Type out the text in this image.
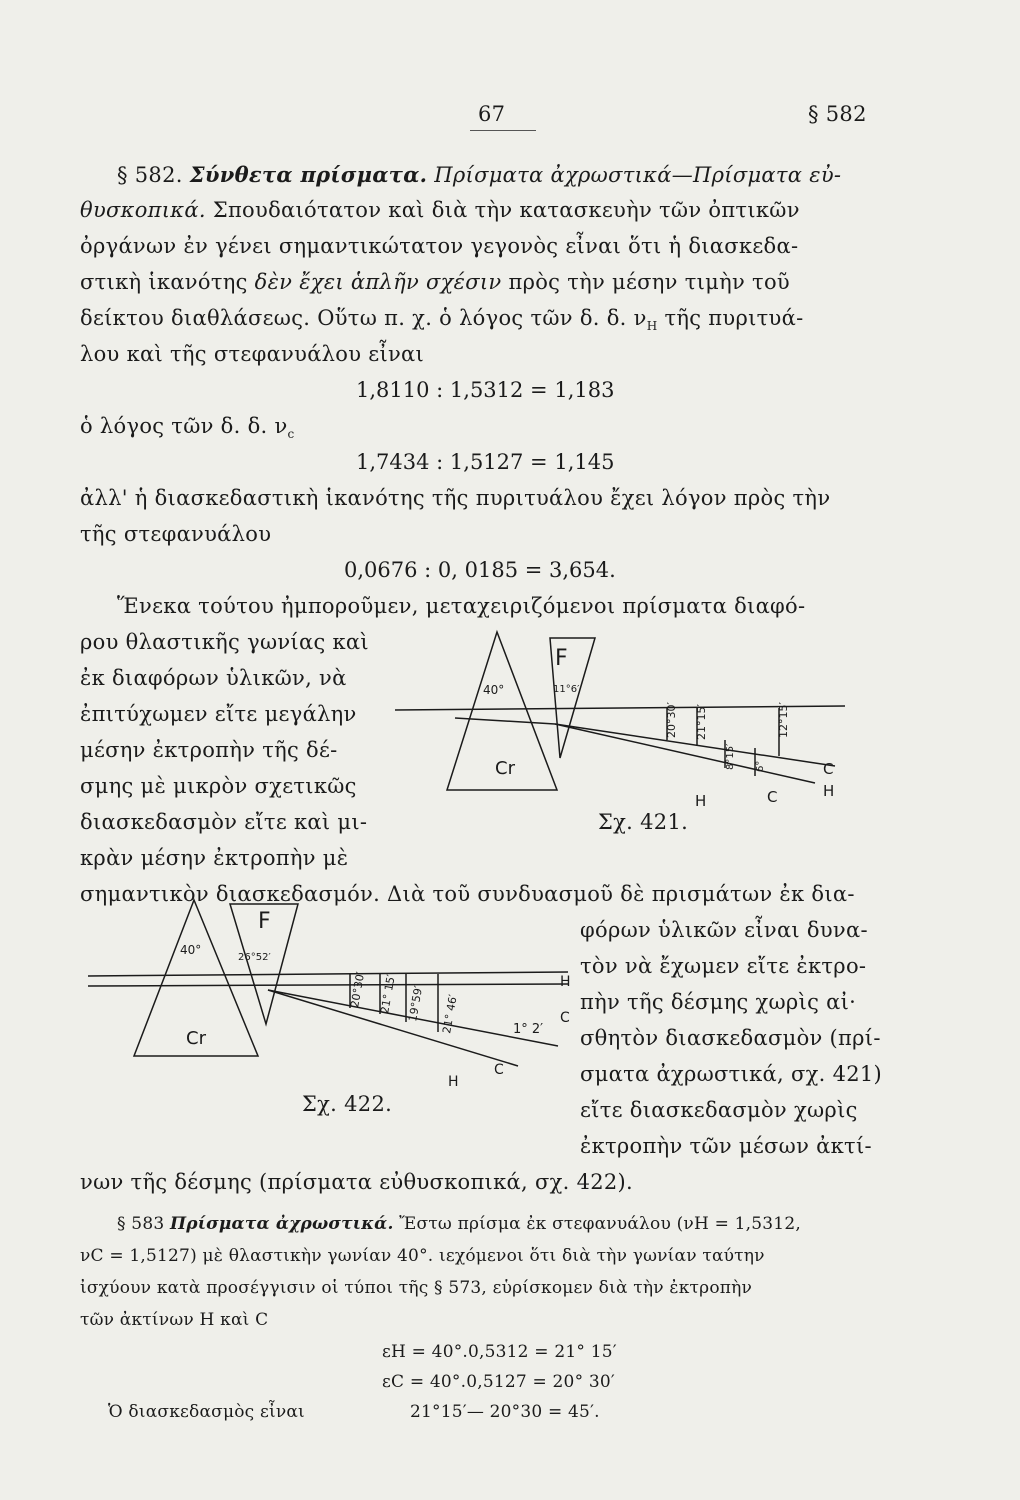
67	§ 582
§ 582. Σύνθετα πρίσματα. Πρίσματα ἀχρωστικά—Πρίσματα εὐ-
θυσκοπικά. Σπουδαιότατον καὶ διὰ τὴν κατασκευὴν τῶν ὀπτικῶν
ὀργάνων ἐν γένει σημαντικώτατον γεγονὸς εἶναι ὅτι ἡ διασκεδα-
στικὴ ἱκανότης δὲν ἔχει ἁπλῆν σχέσιν πρὸς τὴν μέσην τιμὴν τοῦ
δείκτου διαθλάσεως. Οὕτω π. χ. ὁ λόγος τῶν δ. δ. $\nu_H$ τῆς πυριτυά-
λου καὶ τῆς στεφανυάλου εἶναι
1,8110 : 1,5312 = 1,183
ὁ λόγος τῶν δ. δ. $\nu_c$
1,7434 : 1,5127 = 1,145
ἀλλ' ἡ διασκεδαστικὴ ἱκανότης τῆς πυριτυάλου ἔχει λόγον πρὸς τὴν
τῆς στεφανυάλου
0,0676 : 0, 0185 = 3,654.
Ἕνεκα τούτου ἠμποροῦμεν, μεταχειριζόμενοι πρίσματα διαφό-
ρου θλαστικῆς γωνίας καὶ
ἐκ διαφόρων ὑλικῶν, νὰ
ἐπιτύχωμεν εἴτε μεγάλην
μέσην ἐκτροπὴν τῆς δέ-
σμης μὲ μικρὸν σχετικῶς
διασκεδασμὸν εἴτε καὶ μι-
κρὰν μέσην ἐκτροπὴν μὲ
σημαντικὸν διασκεδασμόν. Διὰ τοῦ συνδυασμοῦ δὲ πρισμάτων ἐκ δια-
φόρων ὑλικῶν εἶναι δυνα-
τὸν νὰ ἔχωμεν εἴτε ἐκτρο-
πὴν τῆς δέσμης χωρὶς αἰ·
σθητὸν διασκεδασμὸν (πρί-
σματα ἀχρωστικά, σχ. 421)
εἴτε διασκεδασμὸν χωρὶς
ἐκτροπὴν τῶν μέσων ἀκτί-
νων τῆς δέσμης (πρίσματα εὐθυσκοπικά, σχ. 422).
§ 583 Πρίσματα ἀχρωστικά. Ἔστω πρίσμα ἐκ στεφανυάλου (νH = 1,5312,
νC = 1,5127) μὲ θλαστικὴν γωνίαν 40°. ιεχόμενοι ὅτι διὰ τὴν γωνίαν ταύτην
ἰσχύουν κατὰ προσέγγισιν οἱ τύποι τῆς § 573, εὑρίσκομεν διὰ τὴν ἐκτροπὴν
τῶν ἀκτίνων H καὶ C
εH = 40°.0,5312 = 21° 15′
εC = 40°.0,5127 = 20° 30′
Ὁ διασκεδασμὸς εἶναι	21°15′— 20°30 = 45′.
F
Cr
40°	11°6′
20°30′ 21°15′	12°15′
8°15′ 6°
H	C
C
H
Σχ. 421.
F
Cr
40°
26°52′
20°30′ 21° 15′ 19°59′ 21° 46′	1° 2′
H
C
H
C
Σχ. 422.
